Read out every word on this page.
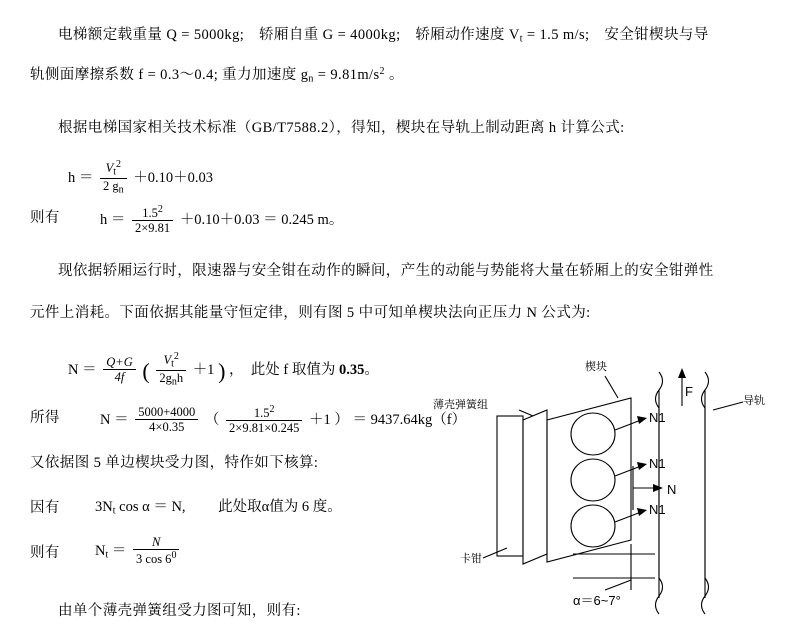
电梯额定载重量 Q = 5000kg;　轿厢自重 G = 4000kg;　轿厢动作速度 $V_t = 1.5$ m/s;　安全钳楔块与导
轨侧面摩擦系数 f = 0.3～0.4; 重力加速度 $g_n = 9.81m/s^2$ 。
根据电梯国家相关技术标准（GB/T7588.2），得知，楔块在导轨上制动距离 h 计算公式:
$h = \frac{V_t^2}{2 g_n} +0.10+0.03$
则有	$h = \frac{1.5^2}{2\times 9.81} +0.10+0.03 = 0.245$ m。
现依据轿厢运行时，限速器与安全钳在动作的瞬间，产生的动能与势能将大量在轿厢上的安全钳弹性
元件上消耗。下面依据其能量守恒定律，则有图 5 中可知单楔块法向正压力 N 公式为:
$N = \frac{Q+G}{4f}$ ( $\frac{V_t^2}{2g_nh} +1$ ) ，　此处 f 取值为 0.35。
所得	$N = \frac{5000+4000}{4\times 0.35}$ （ $\frac{1.5^2}{2\times 9.81\times 0.245} +1$ ） ＝ 9437.64kg（f）
又依据图 5 单边楔块受力图，特作如下核算:
因有 $3N_t$ cos α ＝ N, 　　此处取α值为 6 度。
则有 $N_t = \frac{N}{3 \cos 6^0}$
由单个薄壳弹簧组受力图可知，则有:
楔块
导轨
薄壳弹簧组
卡钳
F
N
N1
N1
N1
α＝6~7°
